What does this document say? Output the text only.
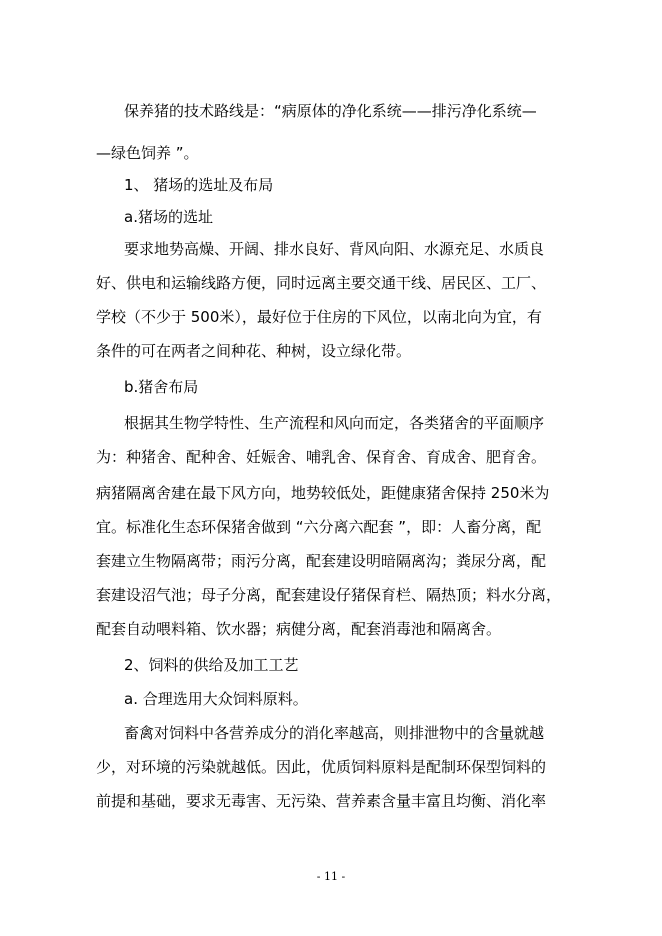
保养猪的技术路线是：“病原体的净化系统——排污净化系统—
—绿色饲养 ”。
1、 猪场的选址及布局
a.猪场的选址
要求地势高燥、开阔、排水良好、背风向阳、水源充足、水质良
好、供电和运输线路方便，同时远离主要交通干线、居民区、工厂、
学校（不少于 500米），最好位于住房的下风位，以南北向为宜，有
条件的可在两者之间种花、种树，设立绿化带。
b.猪舍布局
根据其生物学特性、生产流程和风向而定，各类猪舍的平面顺序
为：种猪舍、配种舍、妊娠舍、哺乳舍、保育舍、育成舍、肥育舍。
病猪隔离舍建在最下风方向，地势较低处，距健康猪舍保持 250米为
宜。标准化生态环保猪舍做到 “六分离六配套 ”，即：人畜分离，配
套建立生物隔离带；雨污分离，配套建设明暗隔离沟；粪尿分离，配
套建设沼气池；母子分离，配套建设仔猪保育栏、隔热顶；料水分离，
配套自动喂料箱、饮水器；病健分离，配套消毒池和隔离舍。
2、饲料的供给及加工工艺
a. 合理选用大众饲料原料。
畜禽对饲料中各营养成分的消化率越高，则排泄物中的含量就越
少，对环境的污染就越低。因此，优质饲料原料是配制环保型饲料的
前提和基础，要求无毒害、无污染、营养素含量丰富且均衡、消化率
- 11 -
